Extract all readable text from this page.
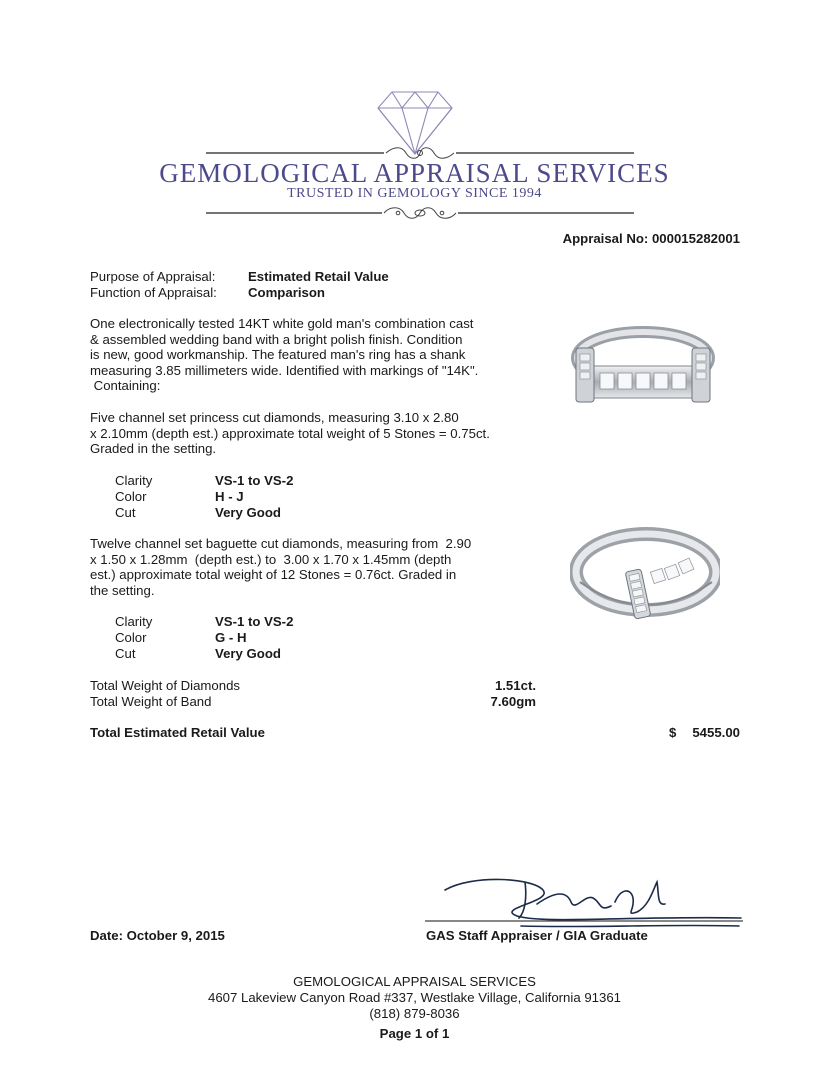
GEMOLOGICAL APPRAISAL SERVICES
TRUSTED IN GEMOLOGY SINCE 1994
Appraisal No: 000015282001
Purpose of Appraisal: Estimated Retail Value
Function of Appraisal: Comparison
One electronically tested 14KT white gold man's combination cast
& assembled wedding band with a bright polish finish. Condition
is new, good workmanship. The featured man's ring has a shank
measuring 3.85 millimeters wide. Identified with markings of "14K".
Containing:
Five channel set princess cut diamonds, measuring 3.10 x 2.80
x 2.10mm (depth est.) approximate total weight of 5 Stones = 0.75ct.
Graded in the setting.
Clarity	VS-1 to VS-2
Color	H - J
Cut	Very Good
Twelve channel set baguette cut diamonds, measuring from  2.90
x 1.50 x 1.28mm  (depth est.) to  3.00 x 1.70 x 1.45mm (depth
est.) approximate total weight of 12 Stones = 0.76ct. Graded in
the setting.
Clarity	VS-1 to VS-2
Color	G - H
Cut	Very Good
Total Weight of Diamonds	1.51ct.
Total Weight of Band	7.60gm
Total Estimated Retail Value	$ 5455.00
Date: October 9, 2015	GAS Staff Appraiser / GIA Graduate
GEMOLOGICAL APPRAISAL SERVICES
4607 Lakeview Canyon Road #337, Westlake Village, California 91361
(818) 879-8036
Page 1 of 1
